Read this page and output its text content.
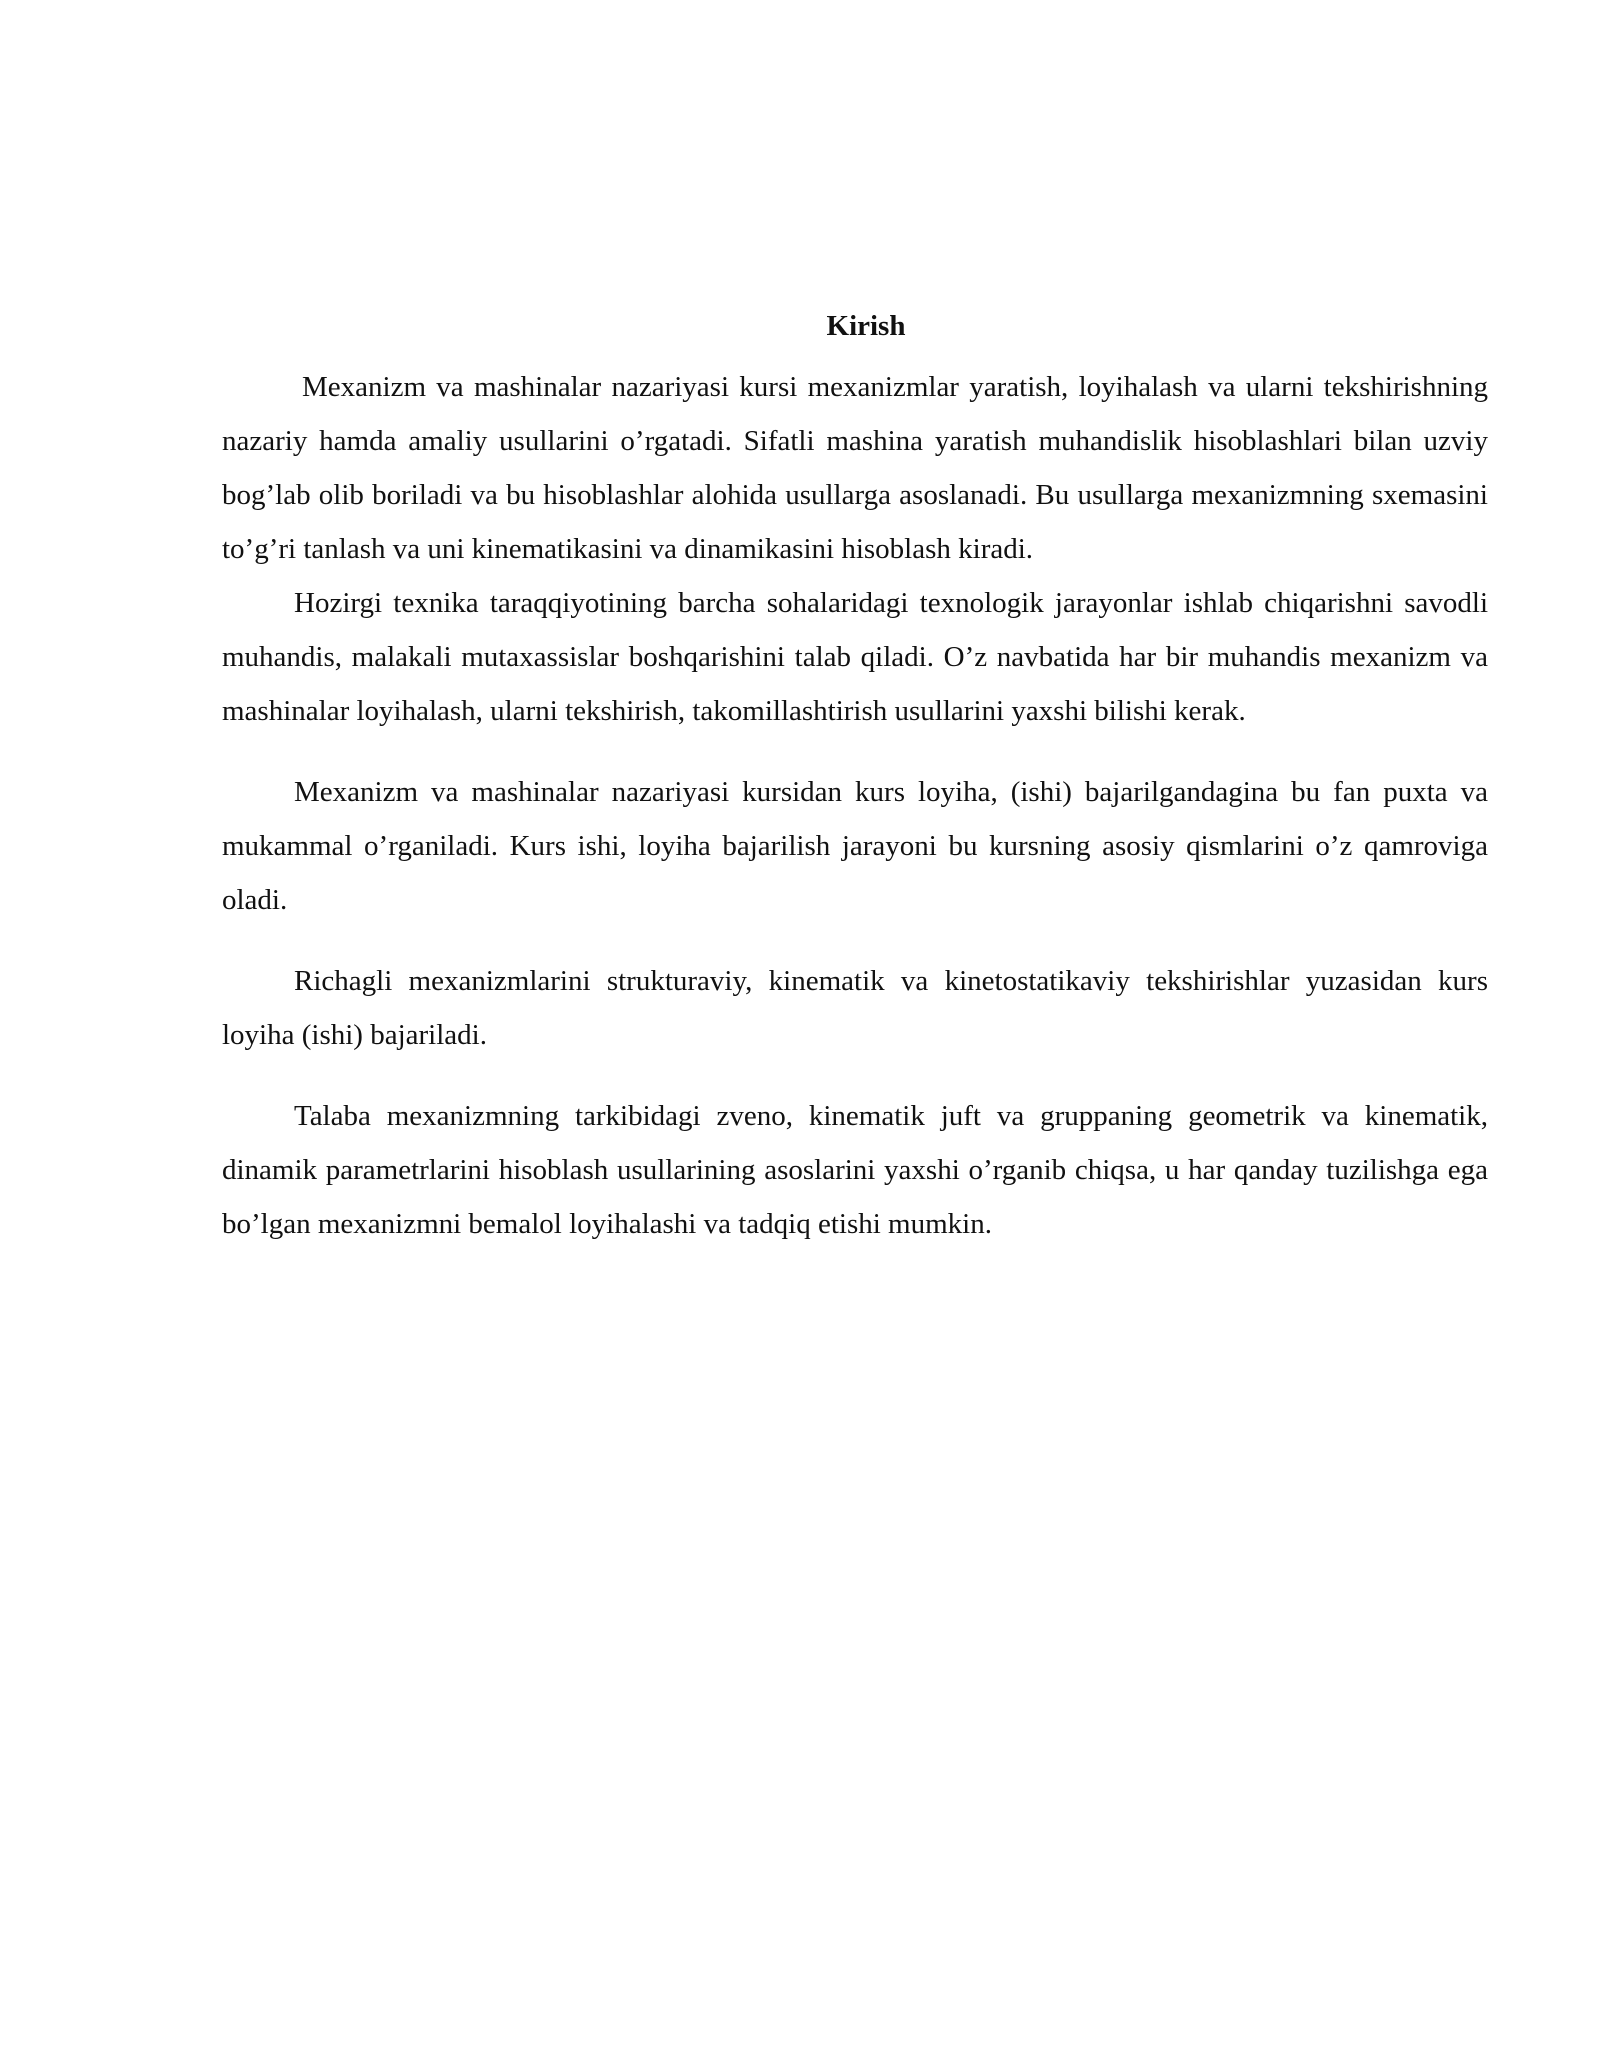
Kirish

Mexanizm va mashinalar nazariyasi kursi mexanizmlar yaratish, loyihalash va ularni tekshirishning nazariy hamda amaliy usullarini o’rgatadi. Sifatli mashina yaratish muhandislik hisoblashlari bilan uzviy bog’lab olib boriladi va bu hisoblashlar alohida usullarga asoslanadi. Bu usullarga mexanizmning sxemasini to’g’ri tanlash va uni kinematikasini va dinamikasini hisoblash kiradi.

Hozirgi texnika taraqqiyotining barcha sohalaridagi texnologik jarayonlar ishlab chiqarishni savodli muhandis, malakali mutaxassislar boshqarishini talab qiladi. O’z navbatida har bir muhandis mexanizm va mashinalar loyihalash, ularni tekshirish, takomillashtirish usullarini yaxshi bilishi kerak.

Mexanizm va mashinalar nazariyasi kursidan kurs loyiha, (ishi) bajarilgandagina bu fan puxta va mukammal o’rganiladi. Kurs ishi, loyiha bajarilish jarayoni bu kursning asosiy qismlarini o’z qamroviga oladi.

Richagli mexanizmlarini strukturaviy, kinematik va kinetostatikaviy tekshirishlar yuzasidan kurs loyiha (ishi) bajariladi.

Talaba mexanizmning tarkibidagi zveno, kinematik juft va gruppaning geometrik va kinematik, dinamik parametrlarini hisoblash usullarining asoslarini yaxshi o’rganib chiqsa, u har qanday tuzilishga ega bo’lgan mexanizmni bemalol loyihalashi va tadqiq etishi mumkin.
